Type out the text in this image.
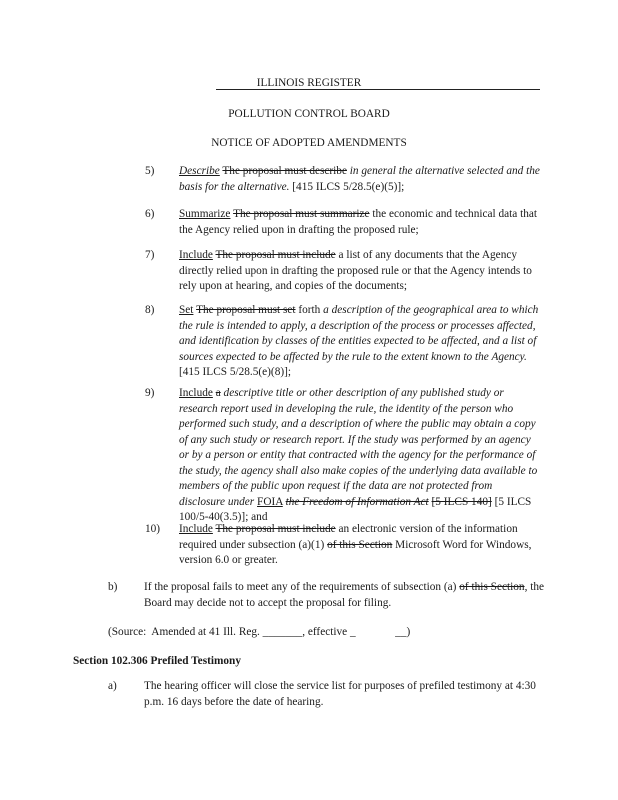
ILLINOIS REGISTER
POLLUTION CONTROL BOARD
NOTICE OF ADOPTED AMENDMENTS
5)	Describe The proposal must describe in general the alternative selected and the basis for the alternative. [415 ILCS 5/28.5(e)(5)];
6)	Summarize The proposal must summarize the economic and technical data that the Agency relied upon in drafting the proposed rule;
7)	Include The proposal must include a list of any documents that the Agency directly relied upon in drafting the proposed rule or that the Agency intends to rely upon at hearing, and copies of the documents;
8)	Set The proposal must set forth a description of the geographical area to which the rule is intended to apply, a description of the process or processes affected, and identification by classes of the entities expected to be affected, and a list of sources expected to be affected by the rule to the extent known to the Agency. [415 ILCS 5/28.5(e)(8)];
9)	Include a descriptive title or other description of any published study or research report used in developing the rule, the identity of the person who performed such study, and a description of where the public may obtain a copy of any such study or research report. If the study was performed by an agency or by a person or entity that contracted with the agency for the performance of the study, the agency shall also make copies of the underlying data available to members of the public upon request if the data are not protected from disclosure under FOIA the Freedom of Information Act [5 ILCS 140] [5 ILCS 100/5-40(3.5)]; and
10)	Include The proposal must include an electronic version of the information required under subsection (a)(1) of this Section Microsoft Word for Windows, version 6.0 or greater.
b)	If the proposal fails to meet any of the requirements of subsection (a) of this Section, the Board may decide not to accept the proposal for filing.
(Source:  Amended at 41 Ill. Reg. _______, effective _              __)
Section 102.306 Prefiled Testimony
a)	The hearing officer will close the service list for purposes of prefiled testimony at 4:30 p.m. 16 days before the date of hearing.
